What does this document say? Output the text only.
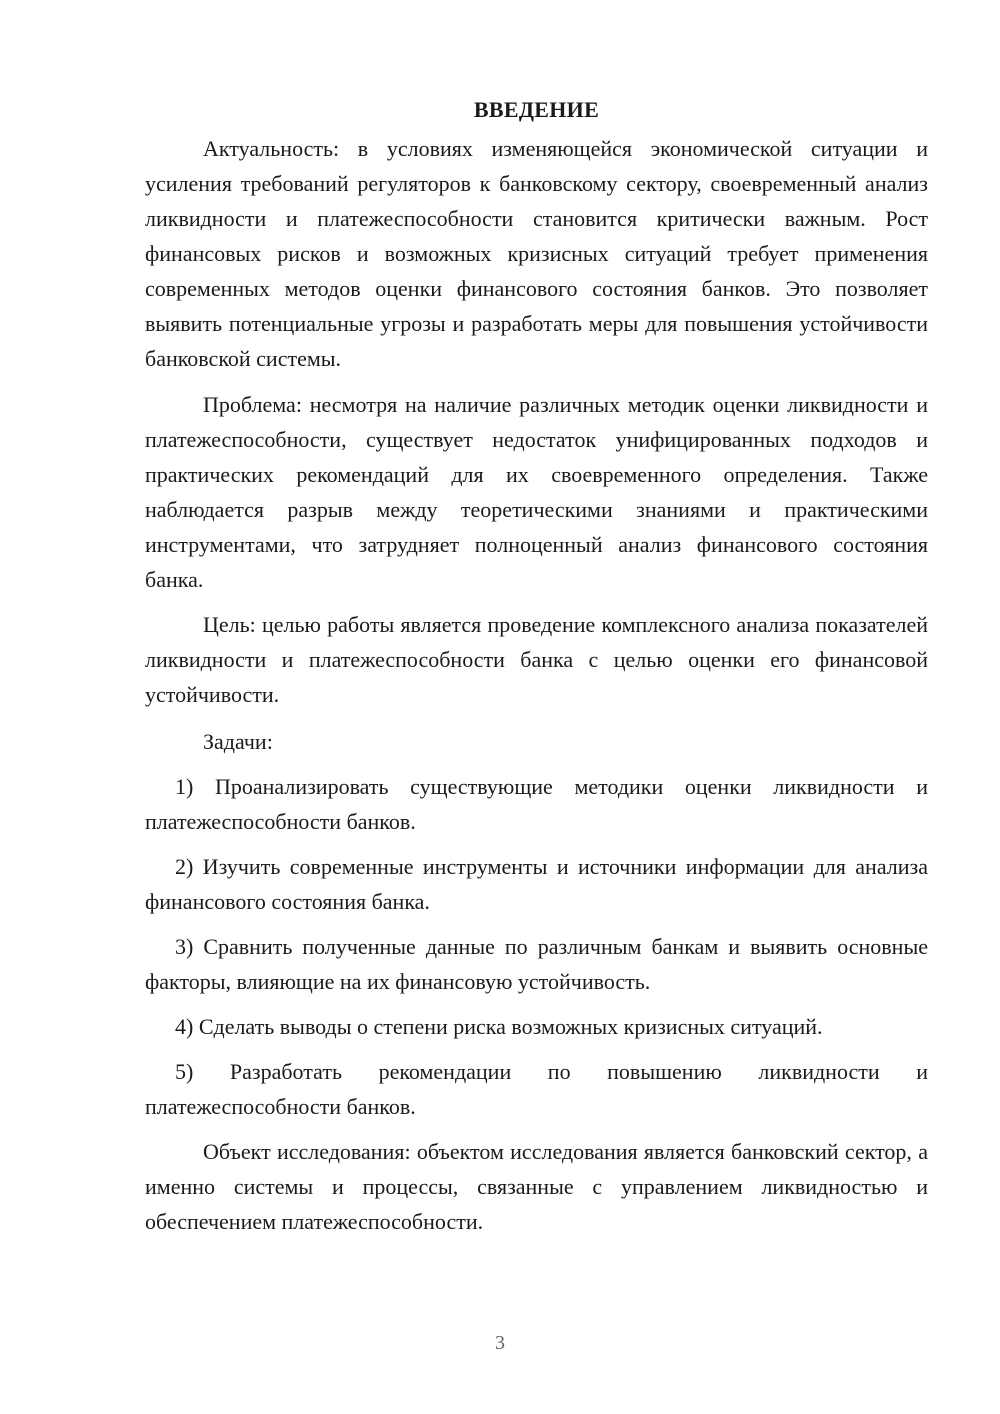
ВВЕДЕНИЕ

Актуальность: в условиях изменяющейся экономической ситуации и усиления требований регуляторов к банковскому сектору, своевременный анализ ликвидности и платежеспособности становится критически важным. Рост финансовых рисков и возможных кризисных ситуаций требует применения современных методов оценки финансового состояния банков. Это позволяет выявить потенциальные угрозы и разработать меры для повышения устойчивости банковской системы.

Проблема: несмотря на наличие различных методик оценки ликвидности и платежеспособности, существует недостаток унифицированных подходов и практических рекомендаций для их своевременного определения. Также наблюдается разрыв между теоретическими знаниями и практическими инструментами, что затрудняет полноценный анализ финансового состояния банка.

Цель: целью работы является проведение комплексного анализа показателей ликвидности и платежеспособности банка с целью оценки его финансовой устойчивости.

Задачи:

1) Проанализировать существующие методики оценки ликвидности и платежеспособности банков.

2) Изучить современные инструменты и источники информации для анализа финансового состояния банка.

3) Сравнить полученные данные по различным банкам и выявить основные факторы, влияющие на их финансовую устойчивость.

4) Сделать выводы о степени риска возможных кризисных ситуаций.

5) Разработать рекомендации по повышению ликвидности и платежеспособности банков.

Объект исследования: объектом исследования является банковский сектор, а именно системы и процессы, связанные с управлением ликвидностью и обеспечением платежеспособности.

3
